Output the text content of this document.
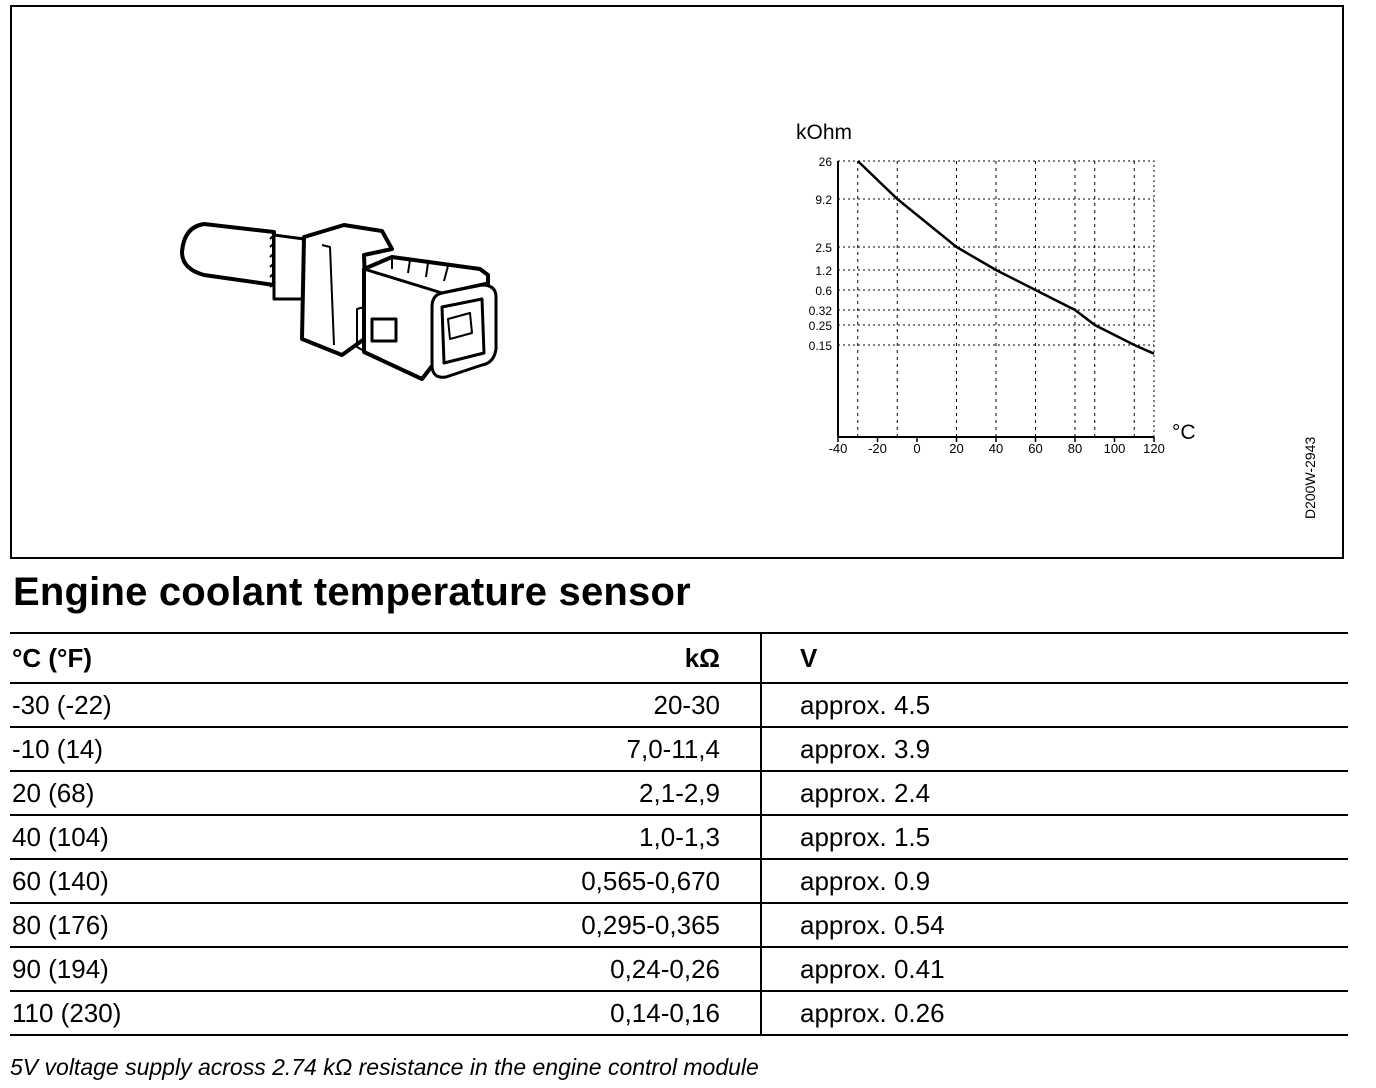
kOhm
°C
26
9.2
2.5
1.2
0.6
0.32
0.25
0.15
-40 -20 0 20 40 60 80 100 120	D200W-2943
Engine coolant temperature sensor
°C (°F)	kΩ	V
-30 (-22)	20-30	approx. 4.5
-10 (14)	7,0-11,4	approx. 3.9
20 (68)	2,1-2,9	approx. 2.4
40 (104)	1,0-1,3	approx. 1.5
60 (140)	0,565-0,670	approx. 0.9
80 (176)	0,295-0,365	approx. 0.54
90 (194)	0,24-0,26	approx. 0.41
110 (230)	0,14-0,16	approx. 0.26
5V voltage supply across 2.74 kΩ resistance in the engine control module
